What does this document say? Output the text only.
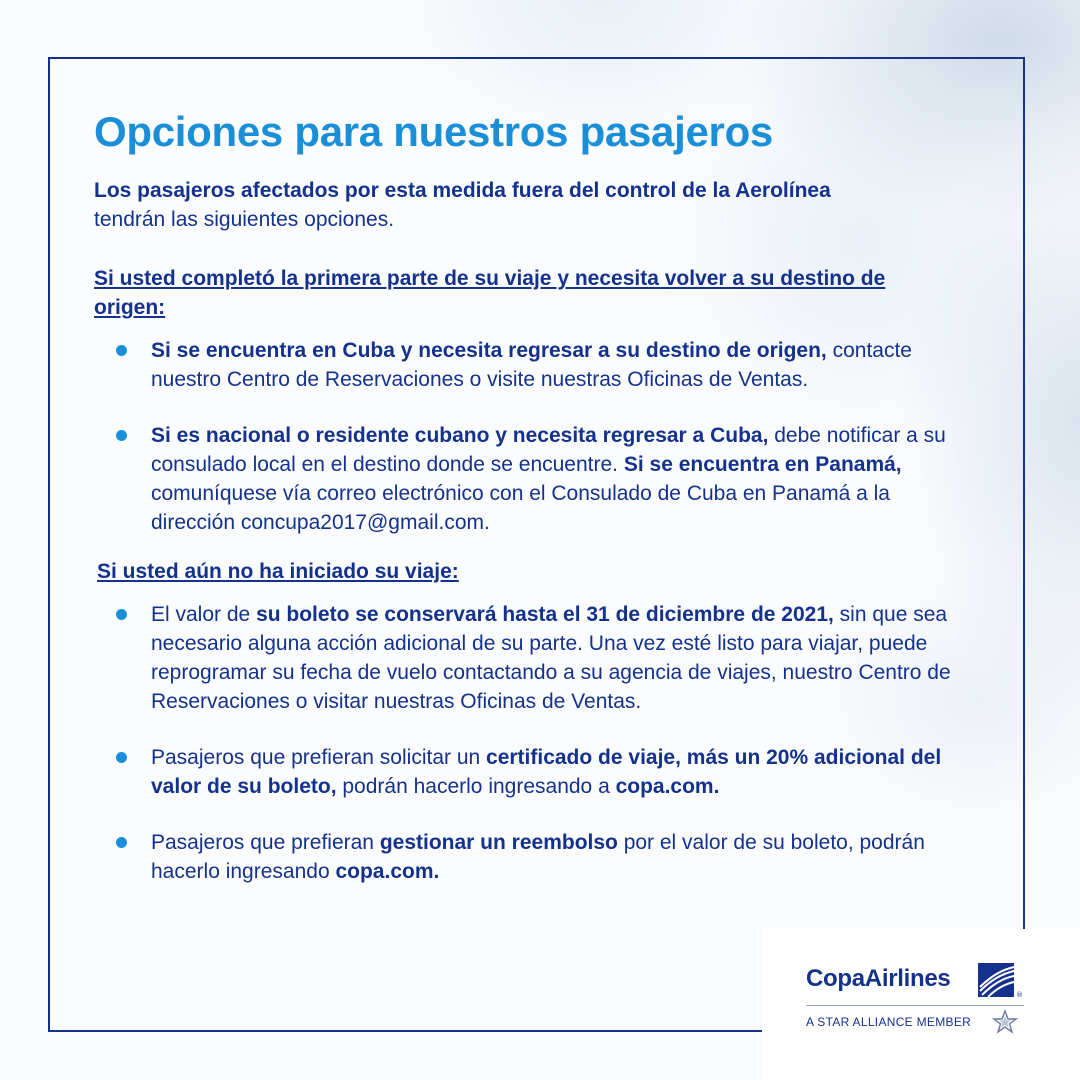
Opciones para nuestros pasajeros

Los pasajeros afectados por esta medida fuera del control de la Aerolínea
tendrán las siguientes opciones.

Si usted completó la primera parte de su viaje y necesita volver a su destino de origen:
Si se encuentra en Cuba y necesita regresar a su destino de origen, contacte nuestro Centro de Reservaciones o visite nuestras Oficinas de Ventas.
Si es nacional o residente cubano y necesita regresar a Cuba, debe notificar a su consulado local en el destino donde se encuentre. Si se encuentra en Panamá, comuníquese vía correo electrónico con el Consulado de Cuba en Panamá a la dirección concupa2017@gmail.com.
Si usted aún no ha iniciado su viaje:
El valor de su boleto se conservará hasta el 31 de diciembre de 2021, sin que sea necesario alguna acción adicional de su parte. Una vez esté listo para viajar, puede reprogramar su fecha de vuelo contactando a su agencia de viajes, nuestro Centro de Reservaciones o visitar nuestras Oficinas de Ventas.
Pasajeros que prefieran solicitar un certificado de viaje, más un 20% adicional del valor de su boleto, podrán hacerlo ingresando a copa.com.
Pasajeros que prefieran gestionar un reembolso por el valor de su boleto, podrán hacerlo ingresando copa.com.
CopaAirlines
®
A STAR ALLIANCE MEMBER
